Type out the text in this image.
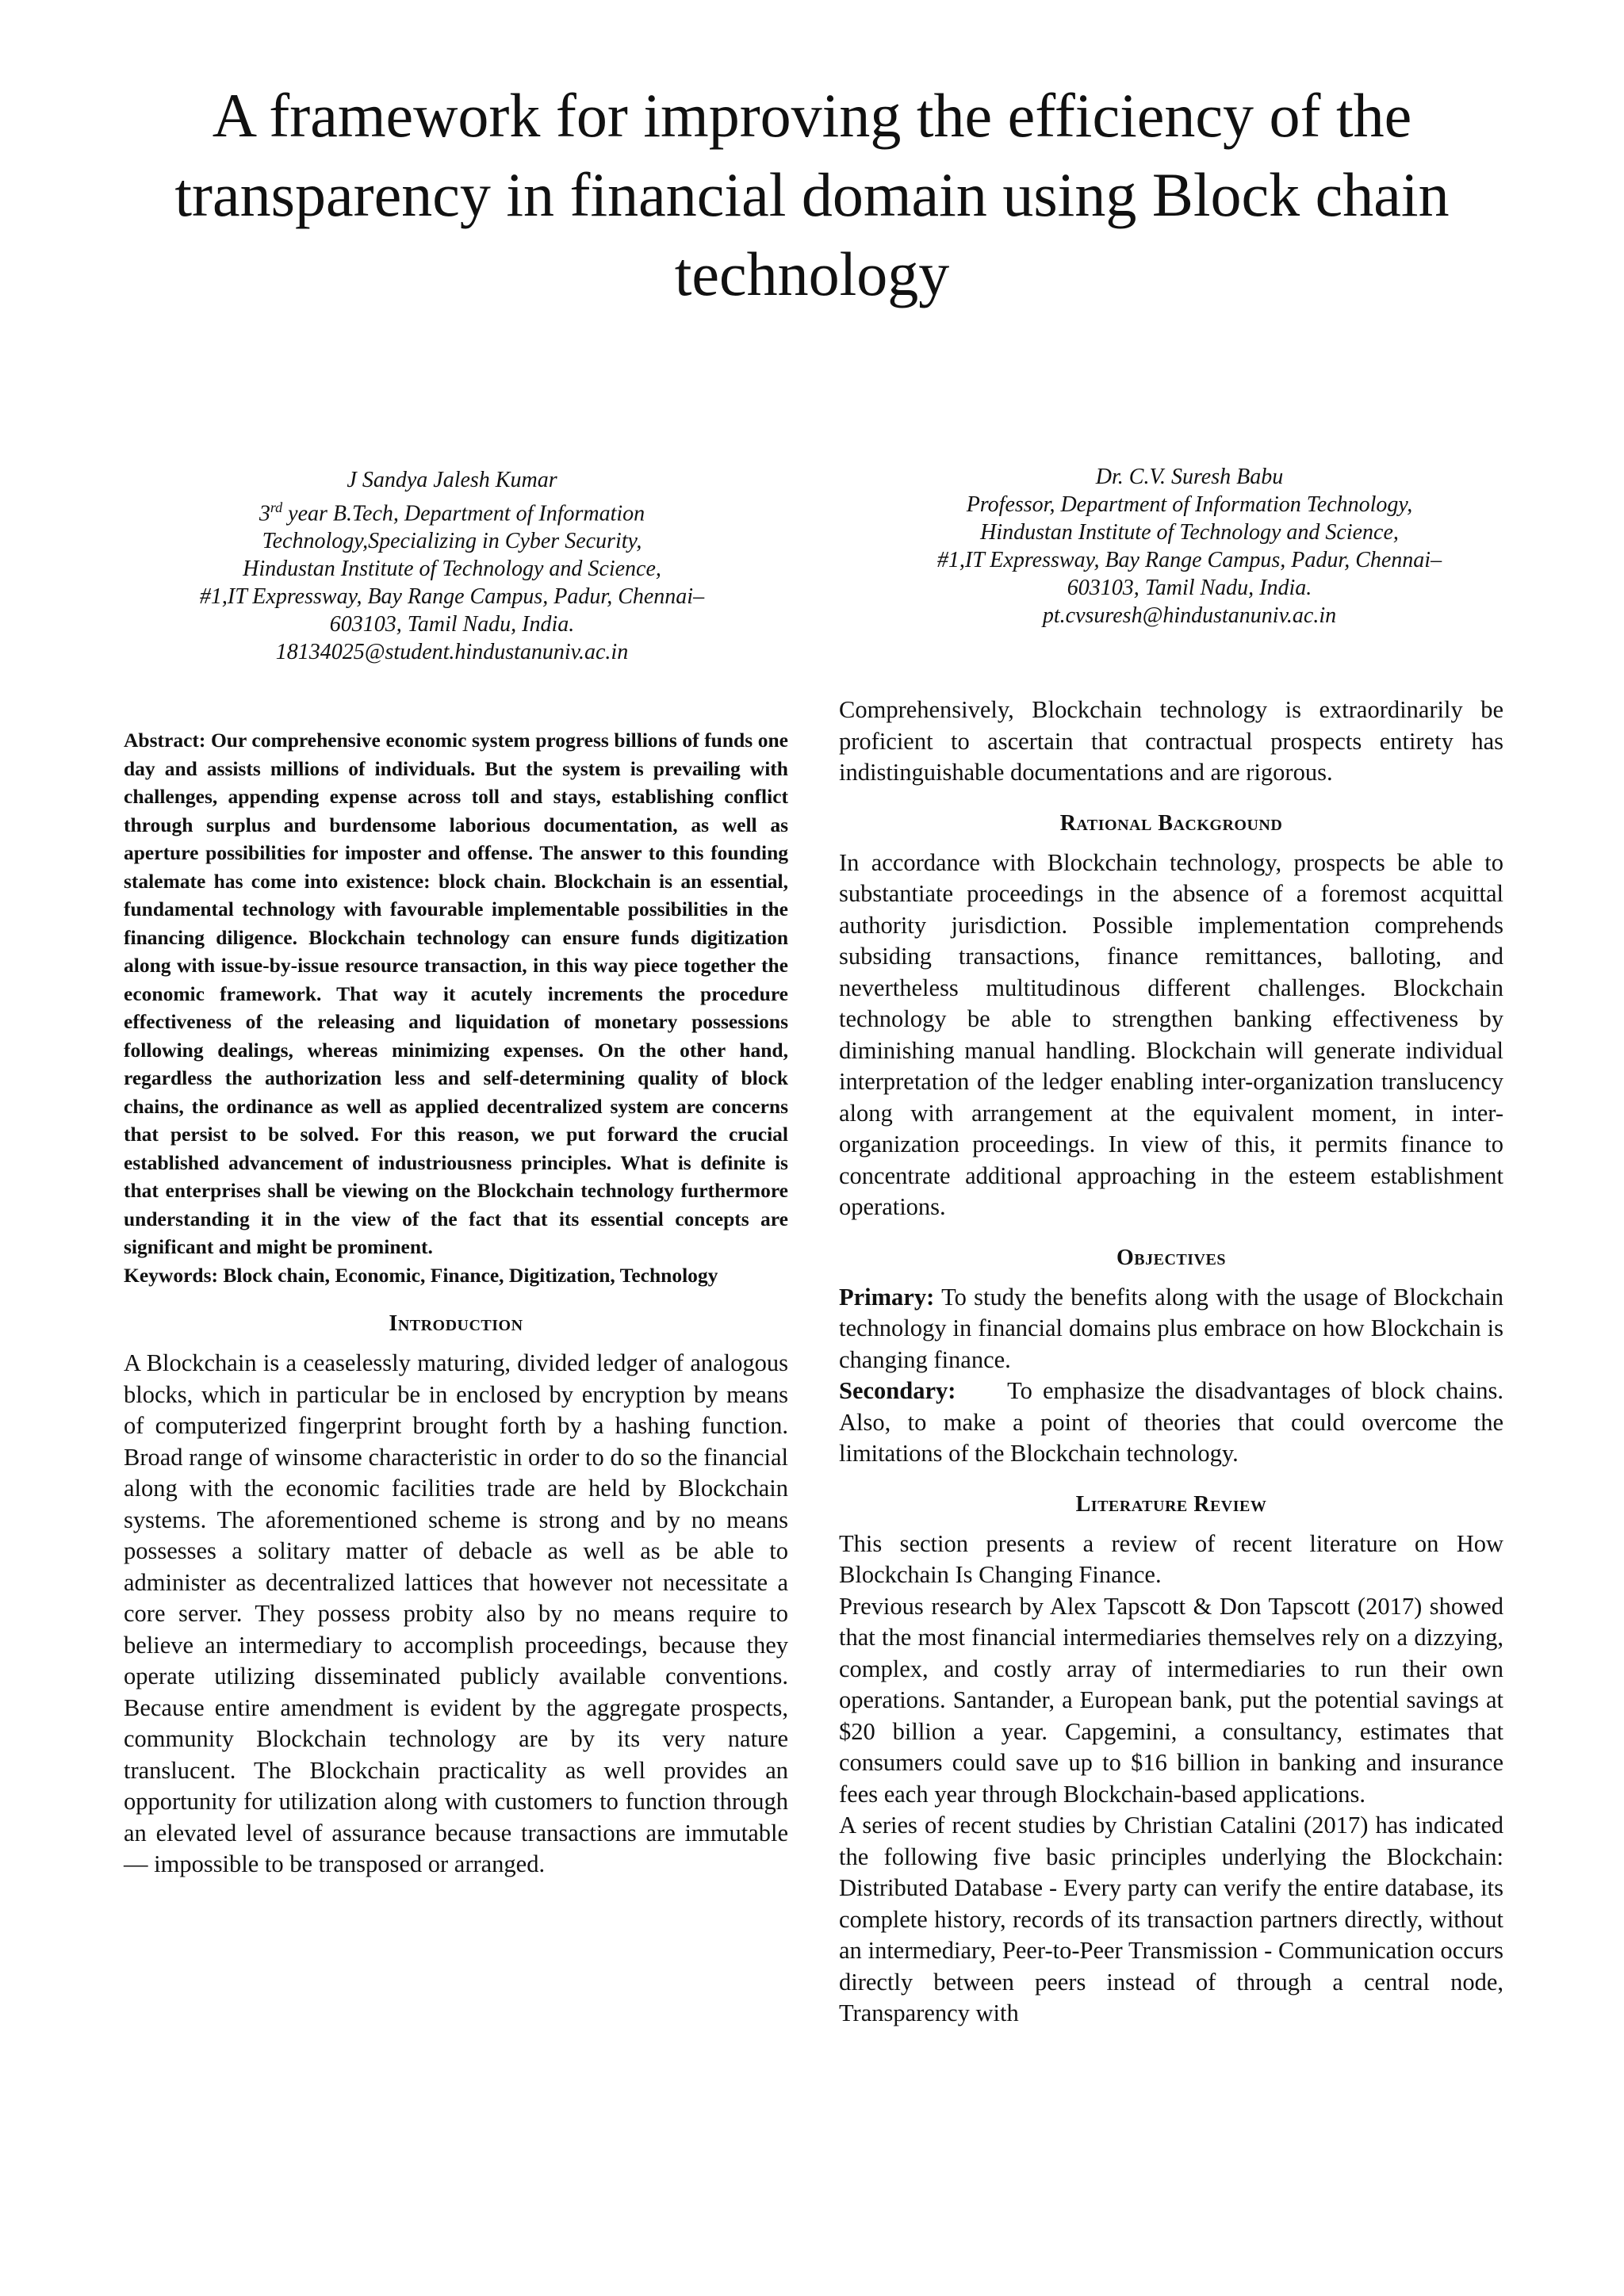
A framework for improving the efficiency of the
transparency in financial domain using Block chain
technology
J Sandya Jalesh Kumar
3rd year B.Tech, Department of Information
Technology,Specializing in Cyber Security,
Hindustan Institute of Technology and Science,
#1,IT Expressway, Bay Range Campus, Padur, Chennai–
603103, Tamil Nadu, India.
18134025@student.hindustanuniv.ac.in
Dr. C.V. Suresh Babu
Professor, Department of Information Technology,
Hindustan Institute of Technology and Science,
#1,IT Expressway, Bay Range Campus, Padur, Chennai–
603103, Tamil Nadu, India.
pt.cvsuresh@hindustanuniv.ac.in

Abstract: Our comprehensive economic system progress billions of funds one day and assists millions of individuals. But the system is prevailing with challenges, appending expense across toll and stays, establishing conflict through surplus and burdensome laborious documentation, as well as aperture possibilities for imposter and offense. The answer to this founding stalemate has come into existence: block chain. Blockchain is an essential, fundamental technology with favourable implementable possibilities in the financing diligence. Blockchain technology can ensure funds digitization along with issue-by-issue resource transaction, in this way piece together the economic framework. That way it acutely increments the procedure effectiveness of the releasing and liquidation of monetary possessions following dealings, whereas minimizing expenses. On the other hand, regardless the authorization less and self-determining quality of block chains, the ordinance as well as applied decentralized system are concerns that persist to be solved. For this reason, we put forward the crucial established advancement of industriousness principles. What is definite is that enterprises shall be viewing on the Blockchain technology furthermore understanding it in the view of the fact that its essential concepts are significant and might be prominent.

Keywords: Block chain, Economic, Finance, Digitization, Technology

Introduction

A Blockchain is a ceaselessly maturing, divided ledger of analogous blocks, which in particular be in enclosed by encryption by means of computerized fingerprint brought forth by a hashing function. Broad range of winsome characteristic in order to do so the financial along with the economic facilities trade are held by Blockchain systems. The aforementioned scheme is strong and by no means possesses a solitary matter of debacle as well as be able to administer as decentralized lattices that however not necessitate a core server. They possess probity also by no means require to believe an intermediary to accomplish proceedings, because they operate utilizing disseminated publicly available conventions. Because entire amendment is evident by the aggregate prospects, community Blockchain technology are by its very nature translucent. The Blockchain practicality as well provides an opportunity for utilization along with customers to function through an elevated level of assurance because transactions are immutable — impossible to be transposed or arranged.

Comprehensively, Blockchain technology is extraordinarily be proficient to ascertain that contractual prospects entirety has indistinguishable documentations and are rigorous.

Rational Background

In accordance with Blockchain technology, prospects be able to substantiate proceedings in the absence of a foremost acquittal authority jurisdiction. Possible implementation comprehends subsiding transactions, finance remittances, balloting, and nevertheless multitudinous different challenges. Blockchain technology be able to strengthen banking effectiveness by diminishing manual handling. Blockchain will generate individual interpretation of the ledger enabling inter-organization translucency along with arrangement at the equivalent moment, in inter-organization proceedings. In view of this, it permits finance to concentrate additional approaching in the esteem establishment operations.

Objectives

Primary: To study the benefits along with the usage of Blockchain technology in financial domains plus embrace on how Blockchain is changing finance.

Secondary:     To emphasize the disadvantages of block chains. Also, to make a point of theories that could overcome the limitations of the Blockchain technology.

Literature Review

This section presents a review of recent literature on How Blockchain Is Changing Finance.

Previous research by Alex Tapscott & Don Tapscott (2017) showed that the most financial intermediaries themselves rely on a dizzying, complex, and costly array of intermediaries to run their own operations. Santander, a European bank, put the potential savings at $20 billion a year. Capgemini, a consultancy, estimates that consumers could save up to $16 billion in banking and insurance fees each year through Blockchain-based applications.

A series of recent studies by Christian Catalini (2017) has indicated the following five basic principles underlying the Blockchain: Distributed Database - Every party can verify the entire database, its complete history, records of its transaction partners directly, without an intermediary, Peer-to-Peer Transmission - Communication occurs directly between peers instead of through a central node, Transparency with
